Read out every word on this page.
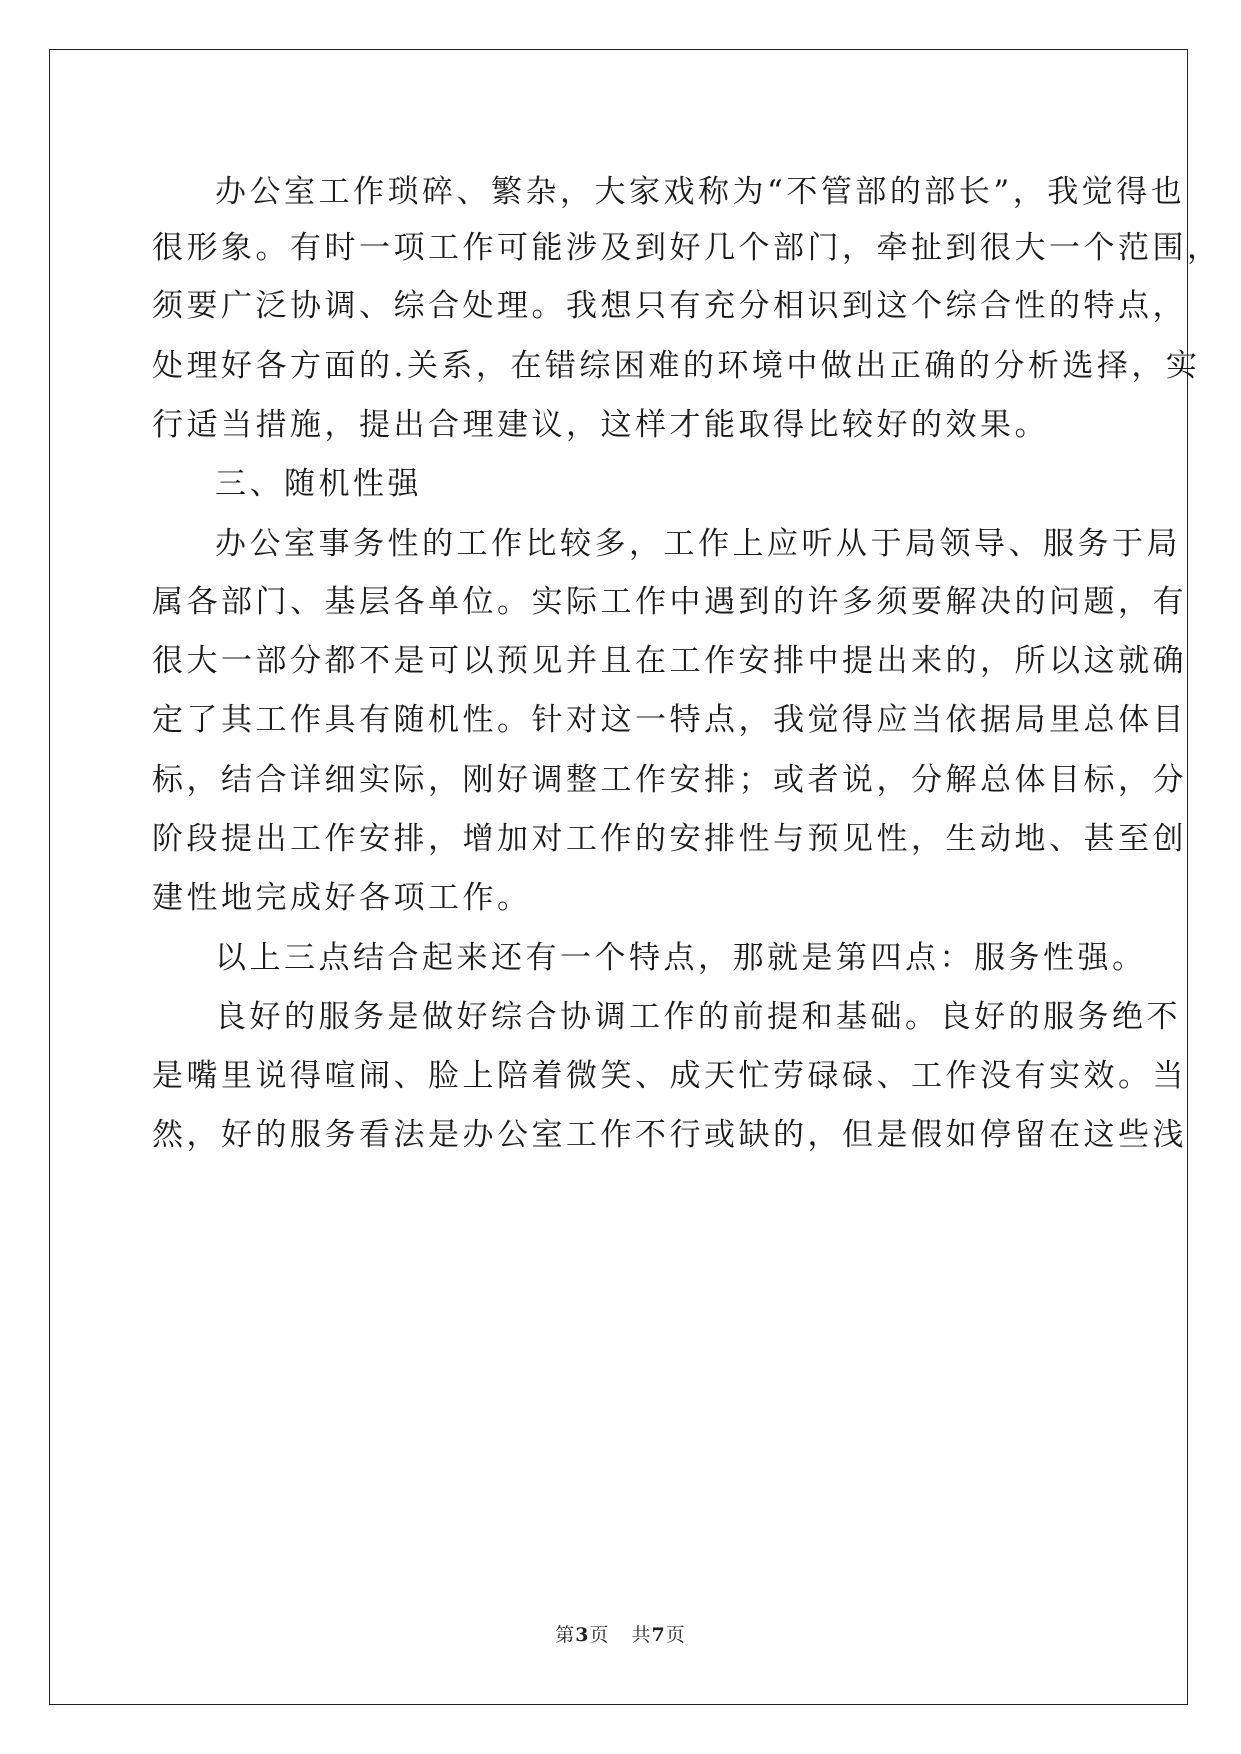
办公室工作琐碎、繁杂，大家戏称为“不管部的部长”，我觉得也
很形象。有时一项工作可能涉及到好几个部门，牵扯到很大一个范围，
须要广泛协调、综合处理。我想只有充分相识到这个综合性的特点，
处理好各方面的.关系，在错综困难的环境中做出正确的分析选择，实
行适当措施，提出合理建议，这样才能取得比较好的效果。
三、随机性强
办公室事务性的工作比较多，工作上应听从于局领导、服务于局
属各部门、基层各单位。实际工作中遇到的许多须要解决的问题，有
很大一部分都不是可以预见并且在工作安排中提出来的，所以这就确
定了其工作具有随机性。针对这一特点，我觉得应当依据局里总体目
标，结合详细实际，刚好调整工作安排；或者说，分解总体目标，分
阶段提出工作安排，增加对工作的安排性与预见性，生动地、甚至创
建性地完成好各项工作。
以上三点结合起来还有一个特点，那就是第四点：服务性强。
良好的服务是做好综合协调工作的前提和基础。良好的服务绝不
是嘴里说得喧闹、脸上陪着微笑、成天忙劳碌碌、工作没有实效。当
然，好的服务看法是办公室工作不行或缺的，但是假如停留在这些浅
第3页 共7页
